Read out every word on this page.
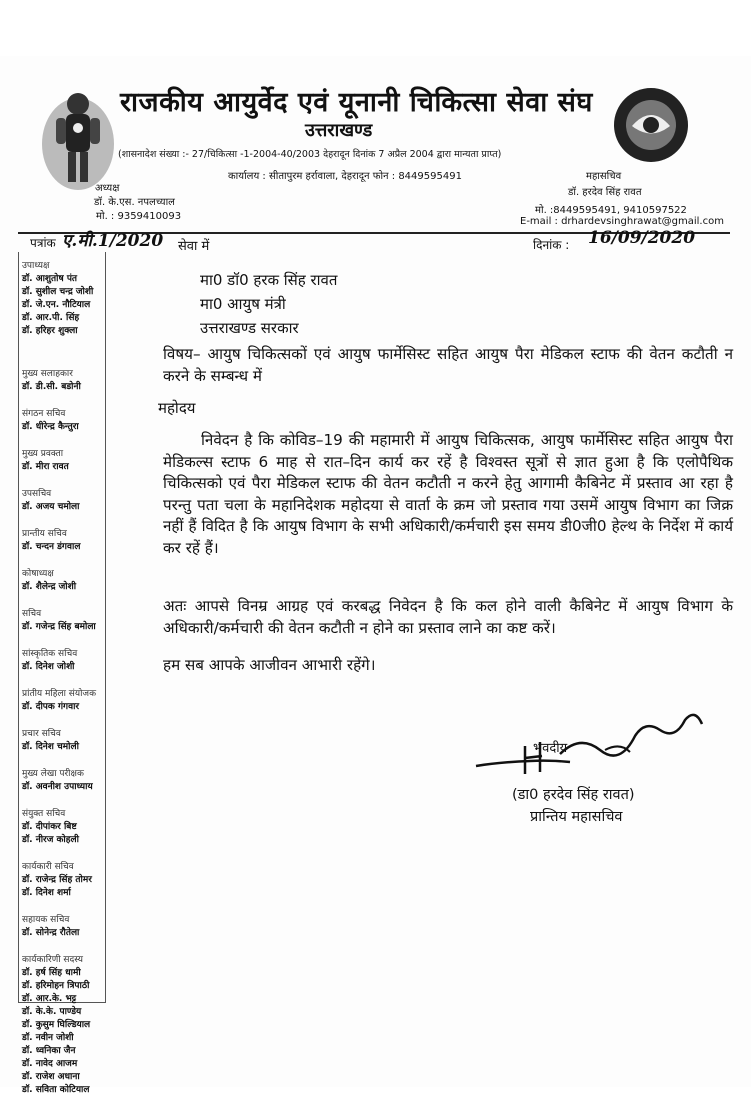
राजकीय आयुर्वेद एवं यूनानी चिकित्सा सेवा संघ
उत्तराखण्ड
(शासनादेश संख्या :- 27/चिकित्सा -1-2004-40/2003 देहरादून दिनांक 7 अप्रैल 2004 द्वारा मान्यता प्राप्त)
कार्यालय : सीतापुरम हर्रावाला, देहरादून फोन : 8449595491
अध्यक्ष
डॉ. के.एस. नपलच्याल
मो. : 9359410093
महासचिव
डॉ. हरदेव सिंह रावत
मो. :8449595491, 9410597522
E-mail : drhardevsinghrawat@gmail.com
पत्रांक ए.मी.1/2020 सेवा में	दिनांक : 16/09/2020
उपाध्यक्ष
डॉ. आशुतोष पंत
डॉ. सुशील चन्द्र जोशी
डॉ. जे.एन. नौटियाल
डॉ. आर.पी. सिंह
डॉ. हरिहर शुक्ला
मुख्य सलाहकार
डॉ. डी.सी. बडोनी
संगठन सचिव
डॉ. धीरेन्द्र कैन्तुरा
मुख्य प्रवक्ता
डॉ. मीरा रावत
उपसचिव
डॉ. अजय चमोला
प्रान्तीय सचिव
डॉ. चन्दन डंगवाल
कोषाध्यक्ष
डॉ. शैलेन्द्र जोशी
सचिव
डॉ. गजेन्द्र सिंह बमोला
सांस्कृतिक सचिव
डॉ. दिनेश जोशी
प्रांतीय महिला संयोजक
डॉ. दीपक गंगवार
प्रचार सचिव
डॉ. दिनेश चमोली
मुख्य लेखा परीक्षक
डॉ. अवनीश उपाध्याय
संयुक्त सचिव
डॉ. दीपांकर बिष्ट
डॉ. नीरज कोहली
कार्यकारी सचिव
डॉ. राजेन्द्र सिंह तोमर
डॉ. दिनेश शर्मा
सहायक सचिव
डॉ. सोनेन्द्र रौतेला
कार्यकारिणी सदस्य
डॉ. हर्ष सिंह धामी
डॉ. हरिमोहन त्रिपाठी
डॉ. आर.के. भट्ट
डॉ. के.के. पाण्डेय
डॉ. कुसुम घिल्डियाल
डॉ. नवीन जोशी
डॉ. ध्वनिका जैन
डॉ. नावेद आजम
डॉ. राजेश अधाना
डॉ. सविता कोटियाल
मा0 डॉ0 हरक सिंह रावत
मा0 आयुष मंत्री
उत्तराखण्ड सरकार
विषय– आयुष चिकित्सकों एवं आयुष फार्मेसिस्ट सहित आयुष पैरा मेडिकल स्टाफ की वेतन कटौती न करने के सम्बन्ध में
महोदय
निवेदन है कि कोविड–19 की महामारी में आयुष चिकित्सक, आयुष फार्मेसिस्ट सहित आयुष पैरा मेडिकल्स स्टाफ 6 माह से रात–दिन कार्य कर रहें है विश्वस्त सूत्रों से ज्ञात हुआ है कि एलोपैथिक चिकित्सको एवं पैरा मेडिकल स्टाफ की वेतन कटौती न करने हेतु आगामी कैबिनेट में प्रस्ताव आ रहा है परन्तु पता चला के महानिदेशक महोदया से वार्ता के क्रम जो प्रस्ताव गया उसमें आयुष विभाग का जिक्र नहीं हैं विदित है कि आयुष विभाग के सभी अधिकारी/कर्मचारी इस समय डी0जी0 हेल्थ के निर्देश में कार्य कर रहें हैं।
अतः आपसे विनम्र आग्रह एवं करबद्ध निवेदन है कि कल होने वाली कैबिनेट में आयुष विभाग के अधिकारी/कर्मचारी की वेतन कटौती न होने का प्रस्ताव लाने का कष्ट करें।
हम सब आपके आजीवन आभारी रहेंगे।
भवदीय
(डा0 हरदेव सिंह रावत)
प्रान्तिय महासचिव
